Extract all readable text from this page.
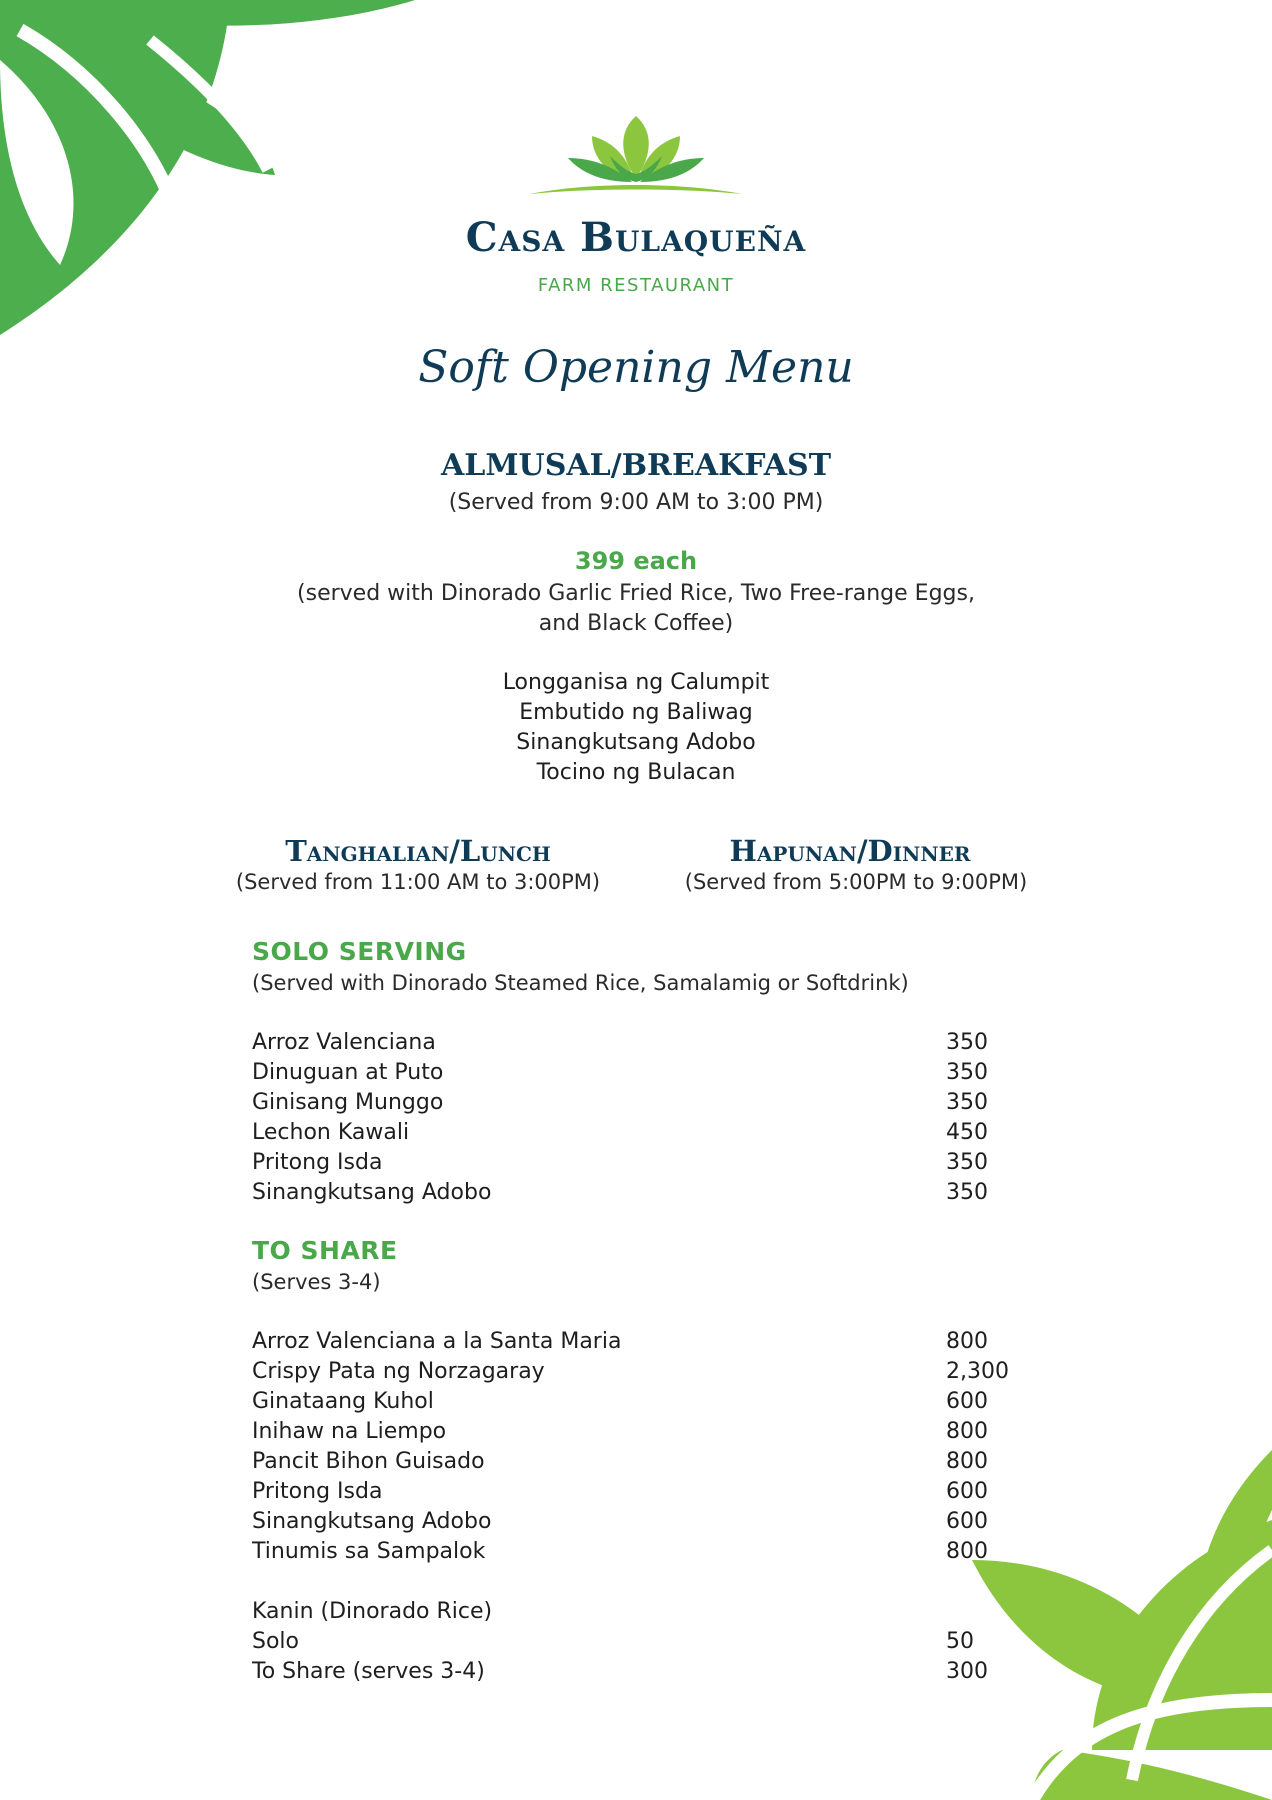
Casa Bulaqueña
FARM RESTAURANT
Soft Opening Menu
ALMUSAL/BREAKFAST
(Served from 9:00 AM to 3:00 PM)
399 each
(served with Dinorado Garlic Fried Rice, Two Free-range Eggs,
and Black Coffee)
Longganisa ng Calumpit
Embutido ng Baliwag
Sinangkutsang Adobo
Tocino ng Bulacan
Tanghalian/Lunch
(Served from 11:00 AM to 3:00PM)
Hapunan/Dinner
(Served from 5:00PM to 9:00PM)
SOLO SERVING
(Served with Dinorado Steamed Rice, Samalamig or Softdrink)
Arroz Valenciana	350
Dinuguan at Puto	350
Ginisang Munggo	350
Lechon Kawali	450
Pritong Isda	350
Sinangkutsang Adobo	350
TO SHARE
(Serves 3-4)
Arroz Valenciana a la Santa Maria	800
Crispy Pata ng Norzagaray	2,300
Ginataang Kuhol	600
Inihaw na Liempo	800
Pancit Bihon Guisado	800
Pritong Isda	600
Sinangkutsang Adobo	600
Tinumis sa Sampalok	800
Kanin (Dinorado Rice)
Solo	50
To Share (serves 3-4)	300
